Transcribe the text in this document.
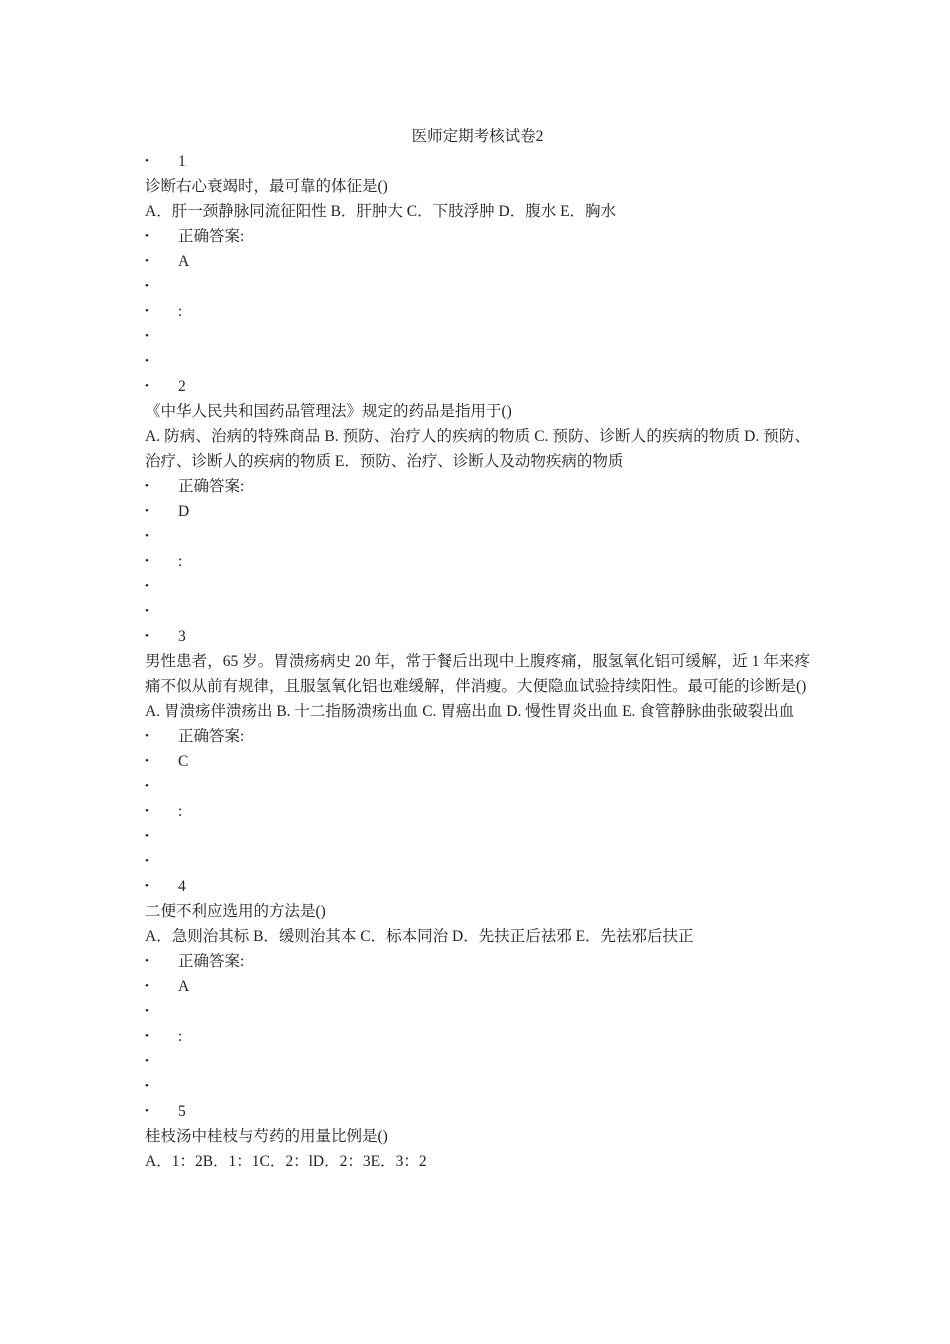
医师定期考核试卷2
• 1
诊断右心衰竭时，最可靠的体征是()
A．肝一颈静脉同流征阳性 B．肝肿大 C．下肢浮肿 D．腹水 E．胸水
• 正确答案:
• A
•
• :
•
•
• 2
《中华人民共和国药品管理法》规定的药品是指用于()
A. 防病、治病的特殊商品 B. 预防、治疗人的疾病的物质 C. 预防、诊断人的疾病的物质 D. 预防、治疗、诊断人的疾病的物质 E．预防、治疗、诊断人及动物疾病的物质
• 正确答案:
• D
•
• :
•
•
• 3
男性患者，65 岁。胃溃疡病史 20 年，常于餐后出现中上腹疼痛，服氢氧化铝可缓解，近 1 年来疼痛不似从前有规律，且服氢氧化铝也难缓解，伴消瘦。大便隐血试验持续阳性。最可能的诊断是()
A. 胃溃疡伴溃疡出 B. 十二指肠溃疡出血 C. 胃癌出血 D. 慢性胃炎出血 E. 食管静脉曲张破裂出血
• 正确答案:
• C
•
• :
•
•
• 4
二便不利应选用的方法是()
A．急则治其标 B．缓则治其本 C．标本同治 D．先扶正后祛邪 E．先祛邪后扶正
• 正确答案:
• A
•
• :
•
•
• 5
桂枝汤中桂枝与芍药的用量比例是()
A．1：2B．1：1C．2：lD．2：3E．3：2
